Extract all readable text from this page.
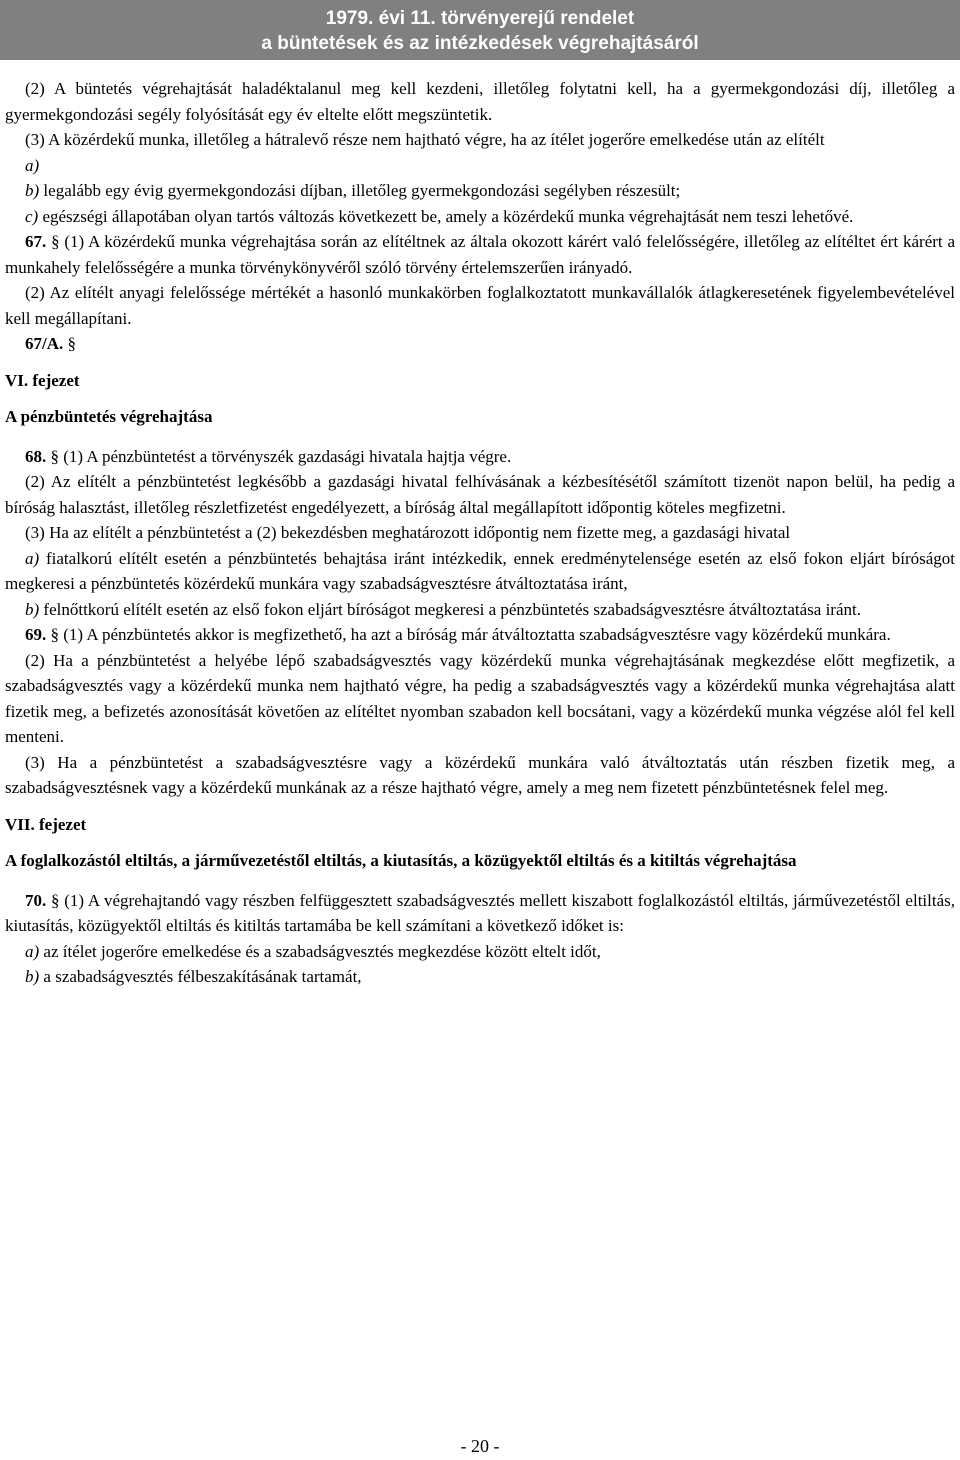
1979. évi 11. törvényerejű rendelet
a büntetések és az intézkedések végrehajtásáról

(2) A büntetés végrehajtását haladéktalanul meg kell kezdeni, illetőleg folytatni kell, ha a gyermekgondozási díj, illetőleg a gyermekgondozási segély folyósítását egy év eltelte előtt megszüntetik.

(3) A közérdekű munka, illetőleg a hátralevő része nem hajtható végre, ha az ítélet jogerőre emelkedése után az elítélt

a)

b) legalább egy évig gyermekgondozási díjban, illetőleg gyermekgondozási segélyben részesült;

c) egészségi állapotában olyan tartós változás következett be, amely a közérdekű munka végrehajtását nem teszi lehetővé.

67. § (1) A közérdekű munka végrehajtása során az elítéltnek az általa okozott kárért való felelősségére, illetőleg az elítéltet ért kárért a munkahely felelősségére a munka törvénykönyvéről szóló törvény értelemszerűen irányadó.

(2) Az elítélt anyagi felelőssége mértékét a hasonló munkakörben foglalkoztatott munkavállalók átlagkeresetének figyelembevételével kell megállapítani.

67/A. §

VI. fejezet

A pénzbüntetés végrehajtása

68. § (1) A pénzbüntetést a törvényszék gazdasági hivatala hajtja végre.

(2) Az elítélt a pénzbüntetést legkésőbb a gazdasági hivatal felhívásának a kézbesítésétől számított tizenöt napon belül, ha pedig a bíróság halasztást, illetőleg részletfizetést engedélyezett, a bíróság által megállapított időpontig köteles megfizetni.

(3) Ha az elítélt a pénzbüntetést a (2) bekezdésben meghatározott időpontig nem fizette meg, a gazdasági hivatal

a) fiatalkorú elítélt esetén a pénzbüntetés behajtása iránt intézkedik, ennek eredménytelensége esetén az első fokon eljárt bíróságot megkeresi a pénzbüntetés közérdekű munkára vagy szabadságvesztésre átváltoztatása iránt,

b) felnőttkorú elítélt esetén az első fokon eljárt bíróságot megkeresi a pénzbüntetés szabadságvesztésre átváltoztatása iránt.

69. § (1) A pénzbüntetés akkor is megfizethető, ha azt a bíróság már átváltoztatta szabadságvesztésre vagy közérdekű munkára.

(2) Ha a pénzbüntetést a helyébe lépő szabadságvesztés vagy közérdekű munka végrehajtásának megkezdése előtt megfizetik, a szabadságvesztés vagy a közérdekű munka nem hajtható végre, ha pedig a szabadságvesztés vagy a közérdekű munka végrehajtása alatt fizetik meg, a befizetés azonosítását követően az elítéltet nyomban szabadon kell bocsátani, vagy a közérdekű munka végzése alól fel kell menteni.

(3) Ha a pénzbüntetést a szabadságvesztésre vagy a közérdekű munkára való átváltoztatás után részben fizetik meg, a szabadságvesztésnek vagy a közérdekű munkának az a része hajtható végre, amely a meg nem fizetett pénzbüntetésnek felel meg.

VII. fejezet

A foglalkozástól eltiltás, a járművezetéstől eltiltás, a kiutasítás, a közügyektől eltiltás és a kitiltás végrehajtása

70. § (1) A végrehajtandó vagy részben felfüggesztett szabadságvesztés mellett kiszabott foglalkozástól eltiltás, járművezetéstől eltiltás, kiutasítás, közügyektől eltiltás és kitiltás tartamába be kell számítani a következő időket is:

a) az ítélet jogerőre emelkedése és a szabadságvesztés megkezdése között eltelt időt,

b) a szabadságvesztés félbeszakításának tartamát,

- 20 -
